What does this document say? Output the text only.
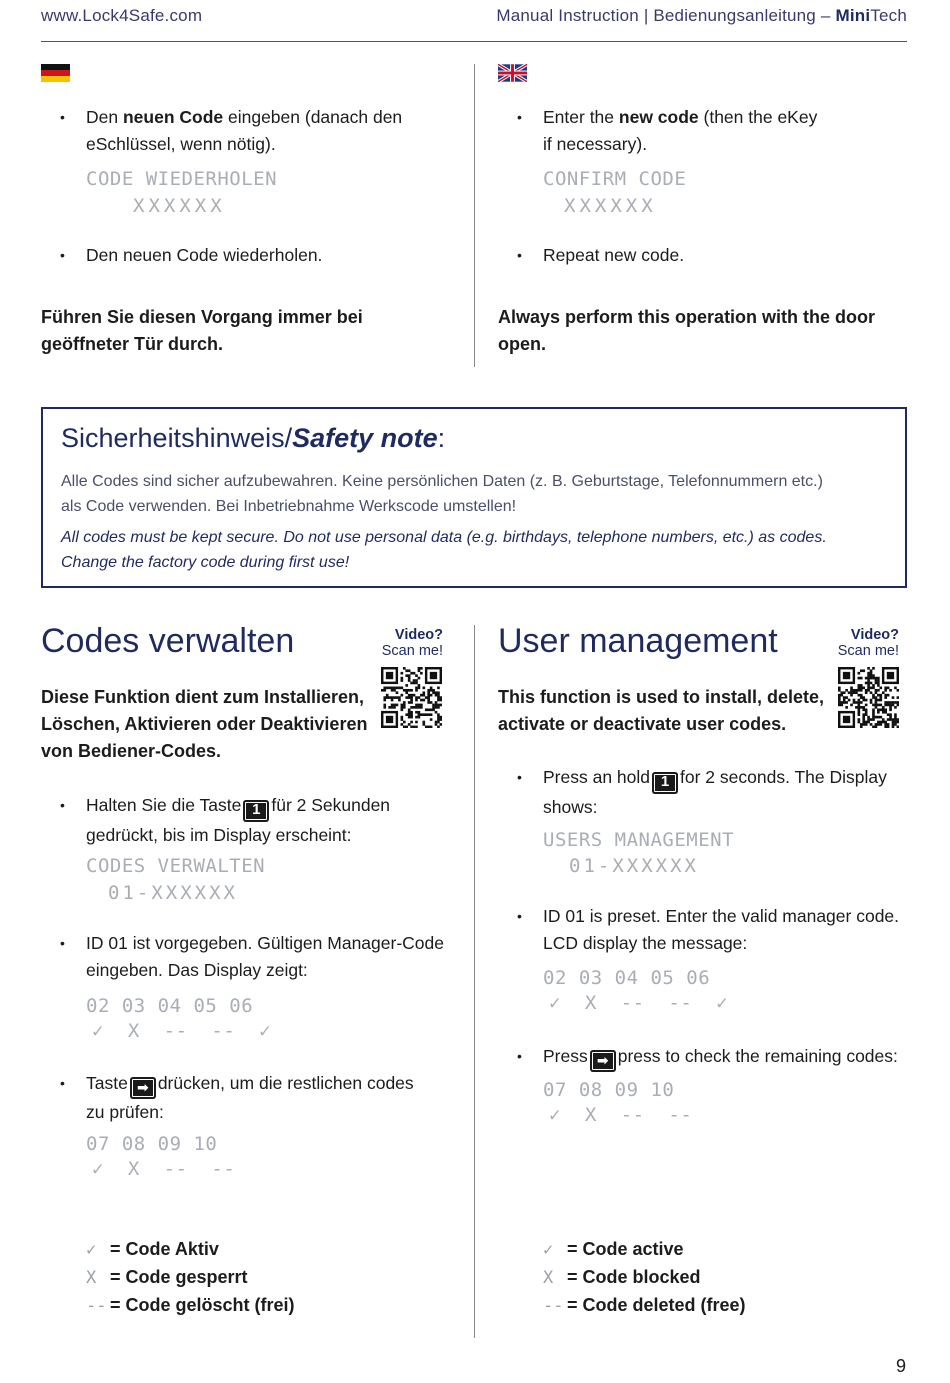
www.Lock4Safe.com	Manual Instruction | Bedienungsanleitung – MiniTech
• Den neuen Code eingeben (danach den
eSchlüssel, wenn nötig).
CODE WIEDERHOLEN
XXXXXX
• Den neuen Code wiederholen.
Führen Sie diesen Vorgang immer bei
geöffneter Tür durch.
• Enter the new code (then the eKey
if necessary).
CONFIRM CODE
XXXXXX
• Repeat new code.
Always perform this operation with the door
open.
Sicherheitshinweis/Safety note:
Alle Codes sind sicher aufzubewahren. Keine persönlichen Daten (z. B. Geburtstage, Telefonnummern etc.)
als Code verwenden. Bei Inbetriebnahme Werkscode umstellen!
All codes must be kept secure. Do not use personal data (e.g. birthdays, telephone numbers, etc.) as codes.
Change the factory code during first use!
Codes verwalten	Video?
Scan me!
Diese Funktion dient zum Installieren,
Löschen, Aktivieren oder Deaktivieren
von Bediener-Codes.
• Halten Sie die Taste 1 für 2 Sekunden
gedrückt, bis im Display erscheint:
CODES VERWALTEN
01-XXXXXX
• ID 01 ist vorgegeben. Gültigen Manager-Code
eingeben. Das Display zeigt:
02 03 04 05 06
✓  X  --  --  ✓
• Taste ➡ drücken, um die restlichen codes
zu prüfen:
07 08 09 10
✓  X  --  --
✓ = Code Aktiv
X = Code gesperrt
-- = Code gelöscht (frei)
User management	Video?
Scan me!
This function is used to install, delete,
activate or deactivate user codes.
• Press an hold 1 for 2 seconds. The Display
shows:
USERS MANAGEMENT
01-XXXXXX
• ID 01 is preset. Enter the valid manager code.
LCD display the message:
02 03 04 05 06
✓  X  --  --  ✓
• Press ➡ press to check the remaining codes:
07 08 09 10
✓  X  --  --
✓ = Code active
X = Code blocked
-- = Code deleted (free)
9
